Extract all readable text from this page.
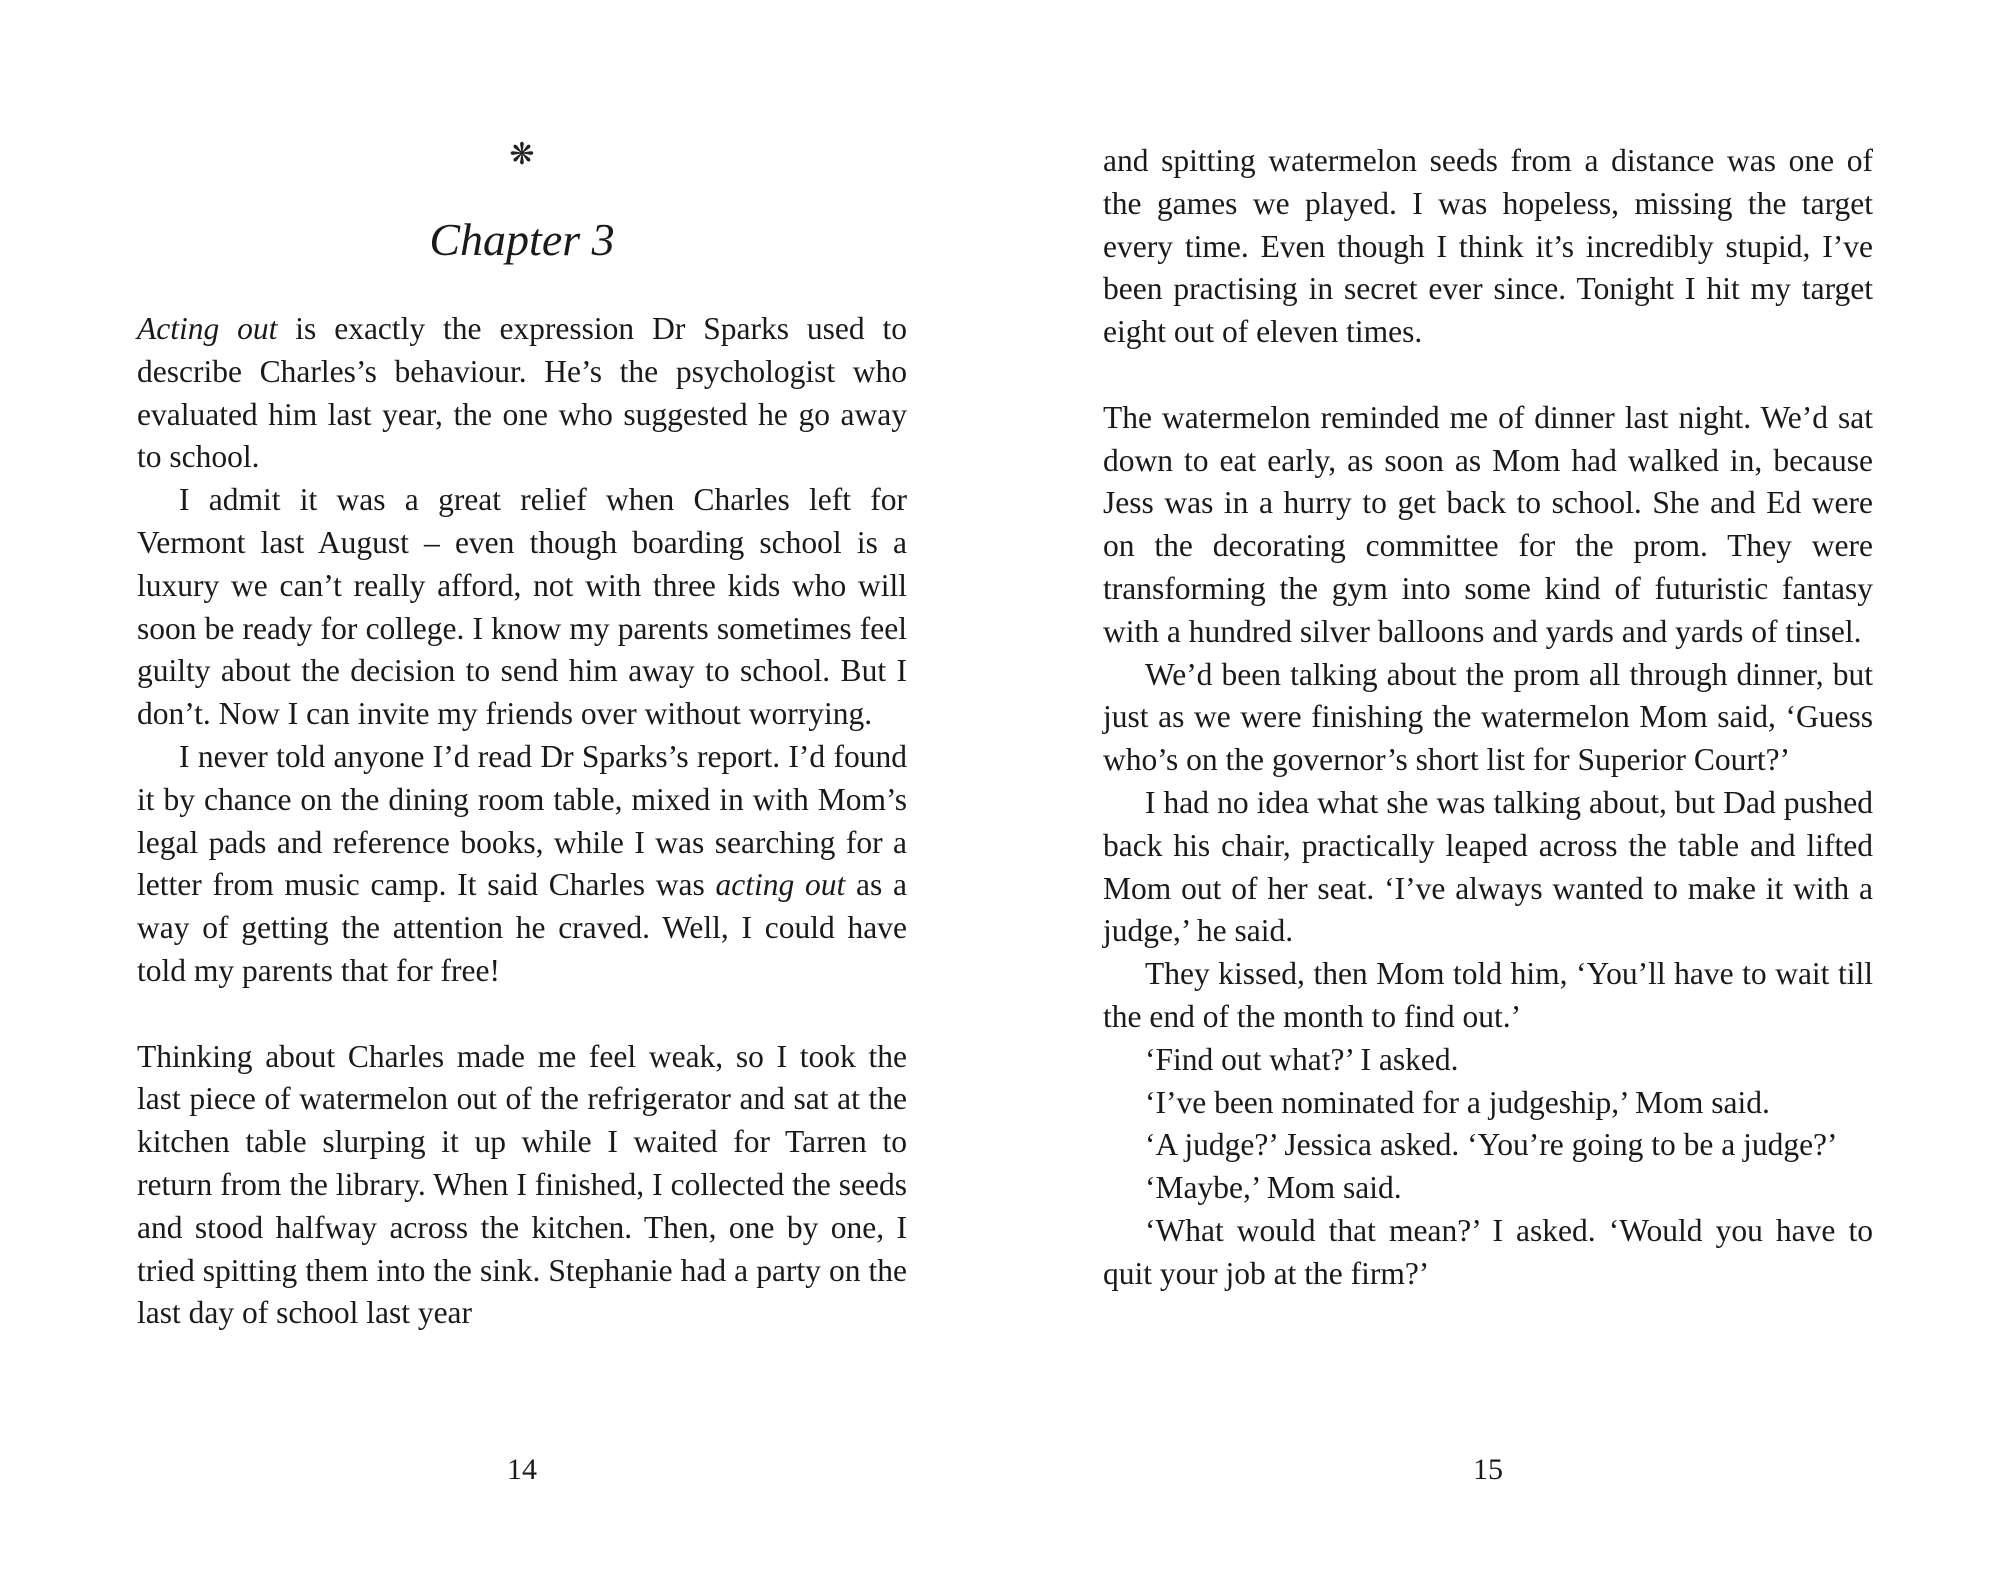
❋
Chapter 3

Acting out is exactly the expression Dr Sparks used to describe Charles’s behaviour. He’s the psychologist who evaluated him last year, the one who suggested he go away to school.

I admit it was a great relief when Charles left for Vermont last August – even though boarding school is a luxury we can’t really afford, not with three kids who will soon be ready for college. I know my parents sometimes feel guilty about the decision to send him away to school. But I don’t. Now I can invite my friends over without worrying.

I never told anyone I’d read Dr Sparks’s report. I’d found it by chance on the dining room table, mixed in with Mom’s legal pads and reference books, while I was searching for a letter from music camp. It said Charles was acting out as a way of getting the attention he craved. Well, I could have told my parents that for free!

Thinking about Charles made me feel weak, so I took the last piece of watermelon out of the refrigerator and sat at the kitchen table slurping it up while I waited for Tarren to return from the library. When I finished, I collected the seeds and stood halfway across the kitchen. Then, one by one, I tried spitting them into the sink. Stephanie had a party on the last day of school last year

14

and spitting watermelon seeds from a distance was one of the games we played. I was hopeless, missing the target every time. Even though I think it’s incredibly stupid, I’ve been practising in secret ever since. Tonight I hit my target eight out of eleven times.

The watermelon reminded me of dinner last night. We’d sat down to eat early, as soon as Mom had walked in, because Jess was in a hurry to get back to school. She and Ed were on the decorating committee for the prom. They were transforming the gym into some kind of futuristic fantasy with a hundred silver balloons and yards and yards of tinsel.

We’d been talking about the prom all through dinner, but just as we were finishing the watermelon Mom said, ‘Guess who’s on the governor’s short list for Superior Court?’

I had no idea what she was talking about, but Dad pushed back his chair, practically leaped across the table and lifted Mom out of her seat. ‘I’ve always wanted to make it with a judge,’ he said.

They kissed, then Mom told him, ‘You’ll have to wait till the end of the month to find out.’

‘Find out what?’ I asked.

‘I’ve been nominated for a judgeship,’ Mom said.

‘A judge?’ Jessica asked. ‘You’re going to be a judge?’

‘Maybe,’ Mom said.

‘What would that mean?’ I asked. ‘Would you have to quit your job at the firm?’

15
